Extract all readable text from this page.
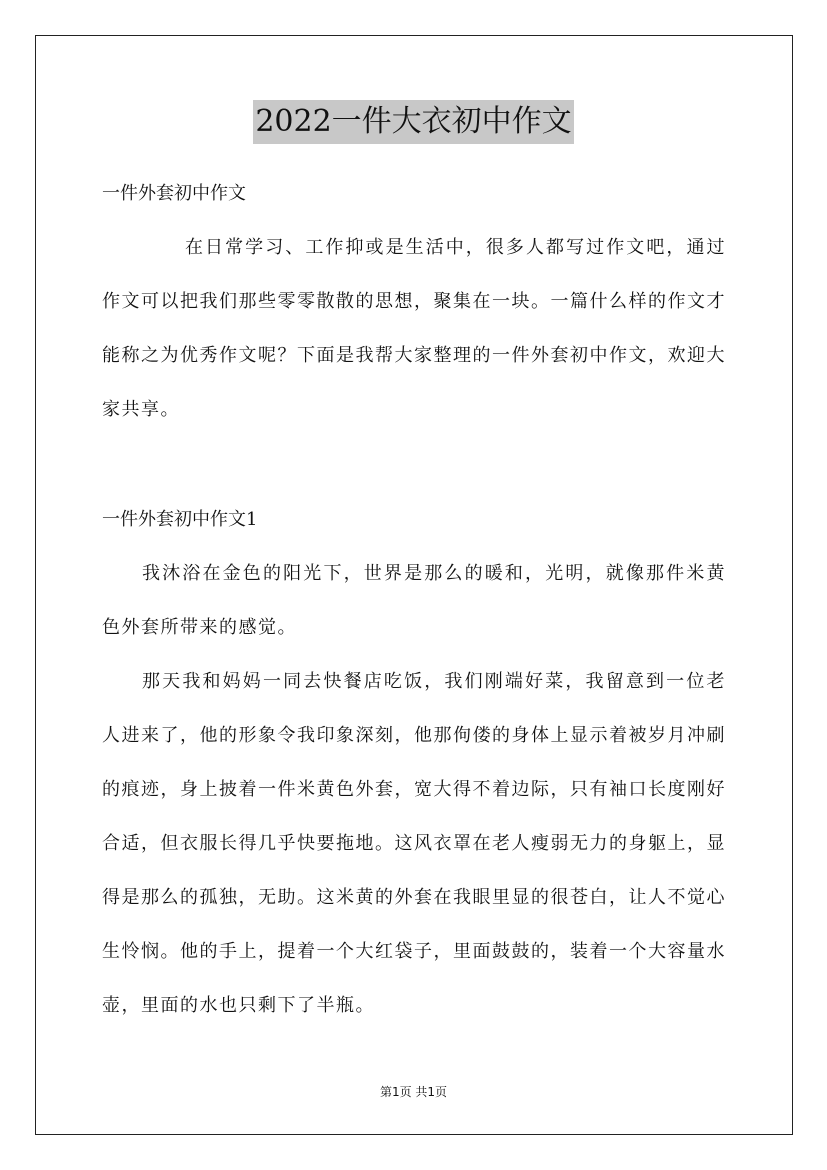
2022一件大衣初中作文
一件外套初中作文
在日常学习、工作抑或是生活中，很多人都写过作文吧，通过作文可以把我们那些零零散散的思想，聚集在一块。一篇什么样的作文才能称之为优秀作文呢？下面是我帮大家整理的一件外套初中作文，欢迎大家共享。
一件外套初中作文1
我沐浴在金色的阳光下，世界是那么的暖和，光明，就像那件米黄色外套所带来的感觉。
那天我和妈妈一同去快餐店吃饭，我们刚端好菜，我留意到一位老人进来了，他的形象令我印象深刻，他那佝偻的身体上显示着被岁月冲刷的痕迹，身上披着一件米黄色外套，宽大得不着边际，只有袖口长度刚好合适，但衣服长得几乎快要拖地。这风衣罩在老人瘦弱无力的身躯上，显得是那么的孤独，无助。这米黄的外套在我眼里显的很苍白，让人不觉心生怜悯。他的手上，提着一个大红袋子，里面鼓鼓的，装着一个大容量水壶，里面的水也只剩下了半瓶。
第1页 共1页
